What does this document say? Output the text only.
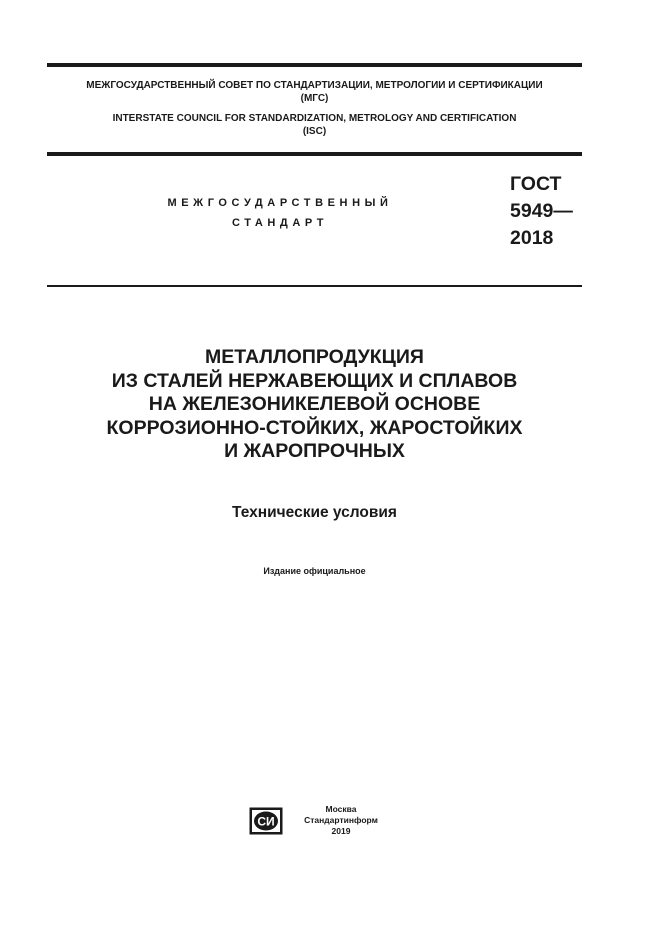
МЕЖГОСУДАРСТВЕННЫЙ СОВЕТ ПО СТАНДАРТИЗАЦИИ, МЕТРОЛОГИИ И СЕРТИФИКАЦИИ
(МГС)
INTERSTATE COUNCIL FOR STANDARDIZATION, METROLOGY AND CERTIFICATION
(ISC)
МЕЖГОСУДАРСТВЕННЫЙ
СТАНДАРТ
ГОСТ
5949—
2018
МЕТАЛЛОПРОДУКЦИЯ
ИЗ СТАЛЕЙ НЕРЖАВЕЮЩИХ И СПЛАВОВ
НА ЖЕЛЕЗОНИКЕЛЕВОЙ ОСНОВЕ
КОРРОЗИОННО-СТОЙКИХ, ЖАРОСТОЙКИХ
И ЖАРОПРОЧНЫХ
Технические условия
Издание официальное
СИ
Москва
Стандартинформ
2019
